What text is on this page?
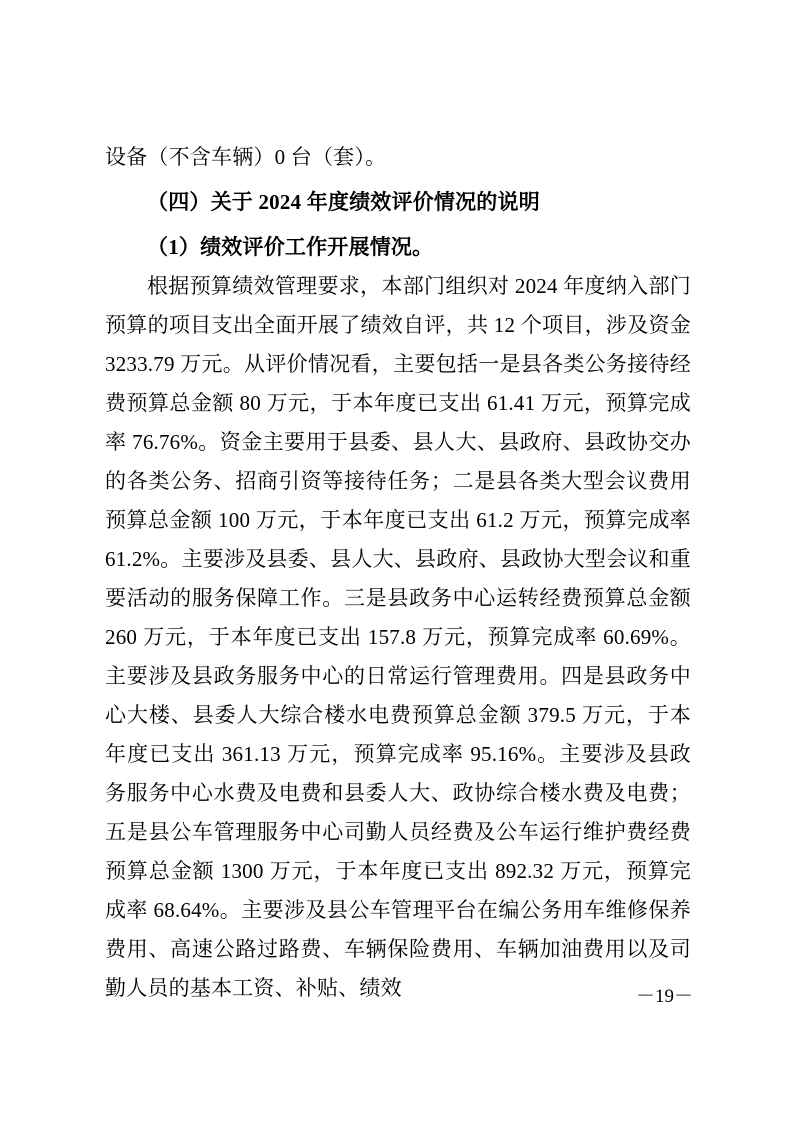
设备（不含车辆）0 台（套）。

（四）关于 2024 年度绩效评价情况的说明

（1）绩效评价工作开展情况。

根据预算绩效管理要求，本部门组织对 2024 年度纳入部门预算的项目支出全面开展了绩效自评，共 12 个项目，涉及资金 3233.79 万元。从评价情况看，主要包括一是县各类公务接待经费预算总金额 80 万元，于本年度已支出 61.41 万元，预算完成率 76.76%。资金主要用于县委、县人大、县政府、县政协交办的各类公务、招商引资等接待任务；二是县各类大型会议费用预算总金额 100 万元，于本年度已支出 61.2 万元，预算完成率 61.2%。主要涉及县委、县人大、县政府、县政协大型会议和重要活动的服务保障工作。三是县政务中心运转经费预算总金额 260 万元，于本年度已支出 157.8 万元，预算完成率 60.69%。主要涉及县政务服务中心的日常运行管理费用。四是县政务中心大楼、县委人大综合楼水电费预算总金额 379.5 万元，于本年度已支出 361.13 万元，预算完成率 95.16%。主要涉及县政务服务中心水费及电费和县委人大、政协综合楼水费及电费；五是县公车管理服务中心司勤人员经费及公车运行维护费经费预算总金额 1300 万元，于本年度已支出 892.32 万元，预算完成率 68.64%。主要涉及县公车管理平台在编公务用车维修保养费用、高速公路过路费、车辆保险费用、车辆加油费用以及司勤人员的基本工资、补贴、绩效	－19－
